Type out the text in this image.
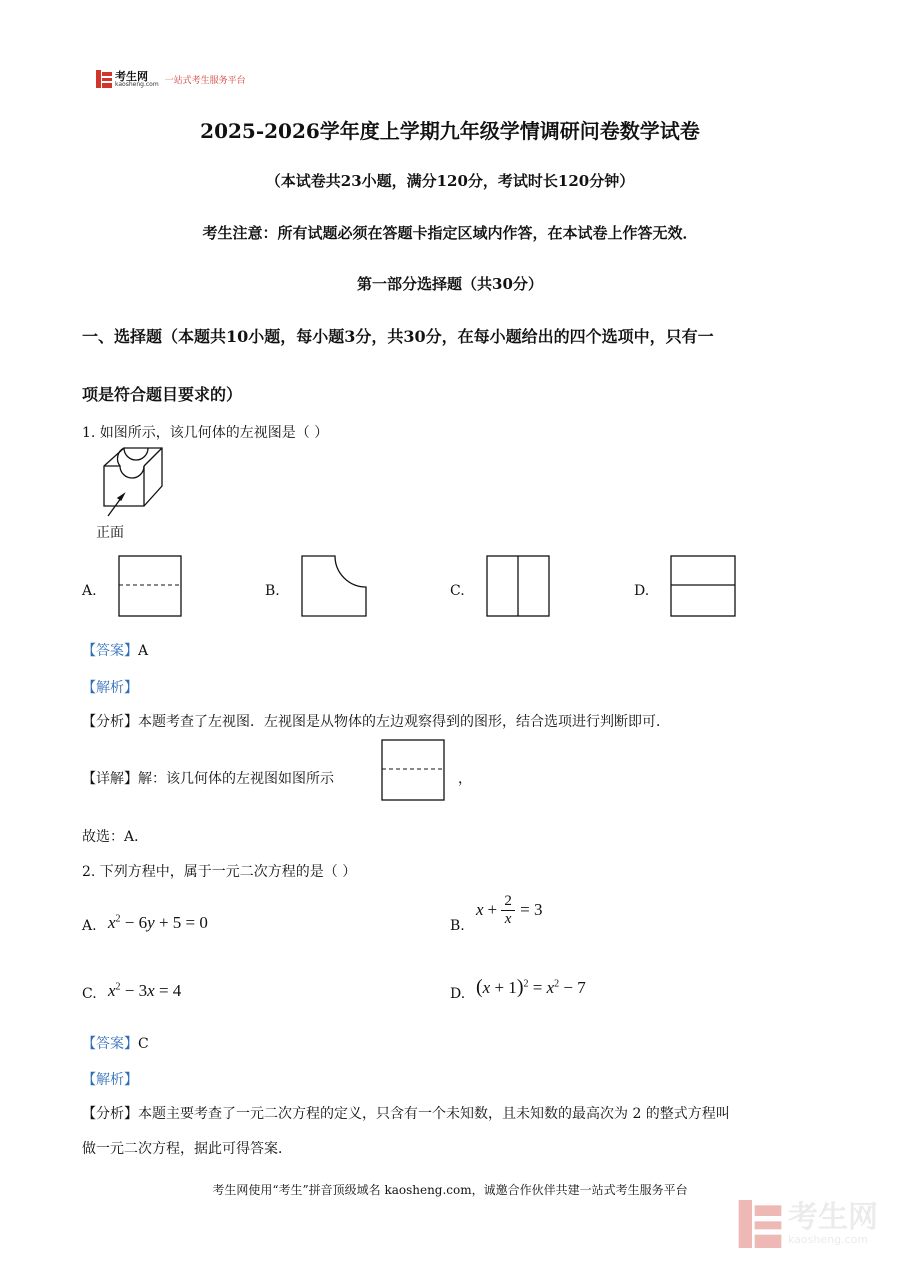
考生网
kaosheng.com 一站式考生服务平台
2025-2026学年度上学期九年级学情调研问卷数学试卷
（本试卷共23小题，满分120分，考试时长120分钟）
考生注意：所有试题必须在答题卡指定区域内作答，在本试卷上作答无效．
第一部分选择题（共30分）
一、选择题（本题共10小题，每小题3分，共30分，在每小题给出的四个选项中，只有一
项是符合题目要求的）
1. 如图所示，该几何体的左视图是（ ）
正面
A.	B.	C.	D.
【答案】A
【解析】
【分析】本题考查了左视图．左视图是从物体的左边观察得到的图形，结合选项进行判断即可．
【详解】解：该几何体的左视图如图所示	，
故选：A．
2. 下列方程中，属于一元二次方程的是（ ）
A. $x^2 - 6y + 5 = 0$	B.
x + 2
x = 3
C. $x^2 - 3x = 4$	D. $(x + 1)^2 = x^2 - 7$
【答案】C
【解析】
【分析】本题主要考查了一元二次方程的定义，只含有一个未知数，且未知数的最高次为 2 的整式方程叫
做一元二次方程，据此可得答案．
考生网使用“考生”拼音顶级域名 kaosheng.com，诚邀合作伙伴共建一站式考生服务平台
考生网
kaosheng.com
